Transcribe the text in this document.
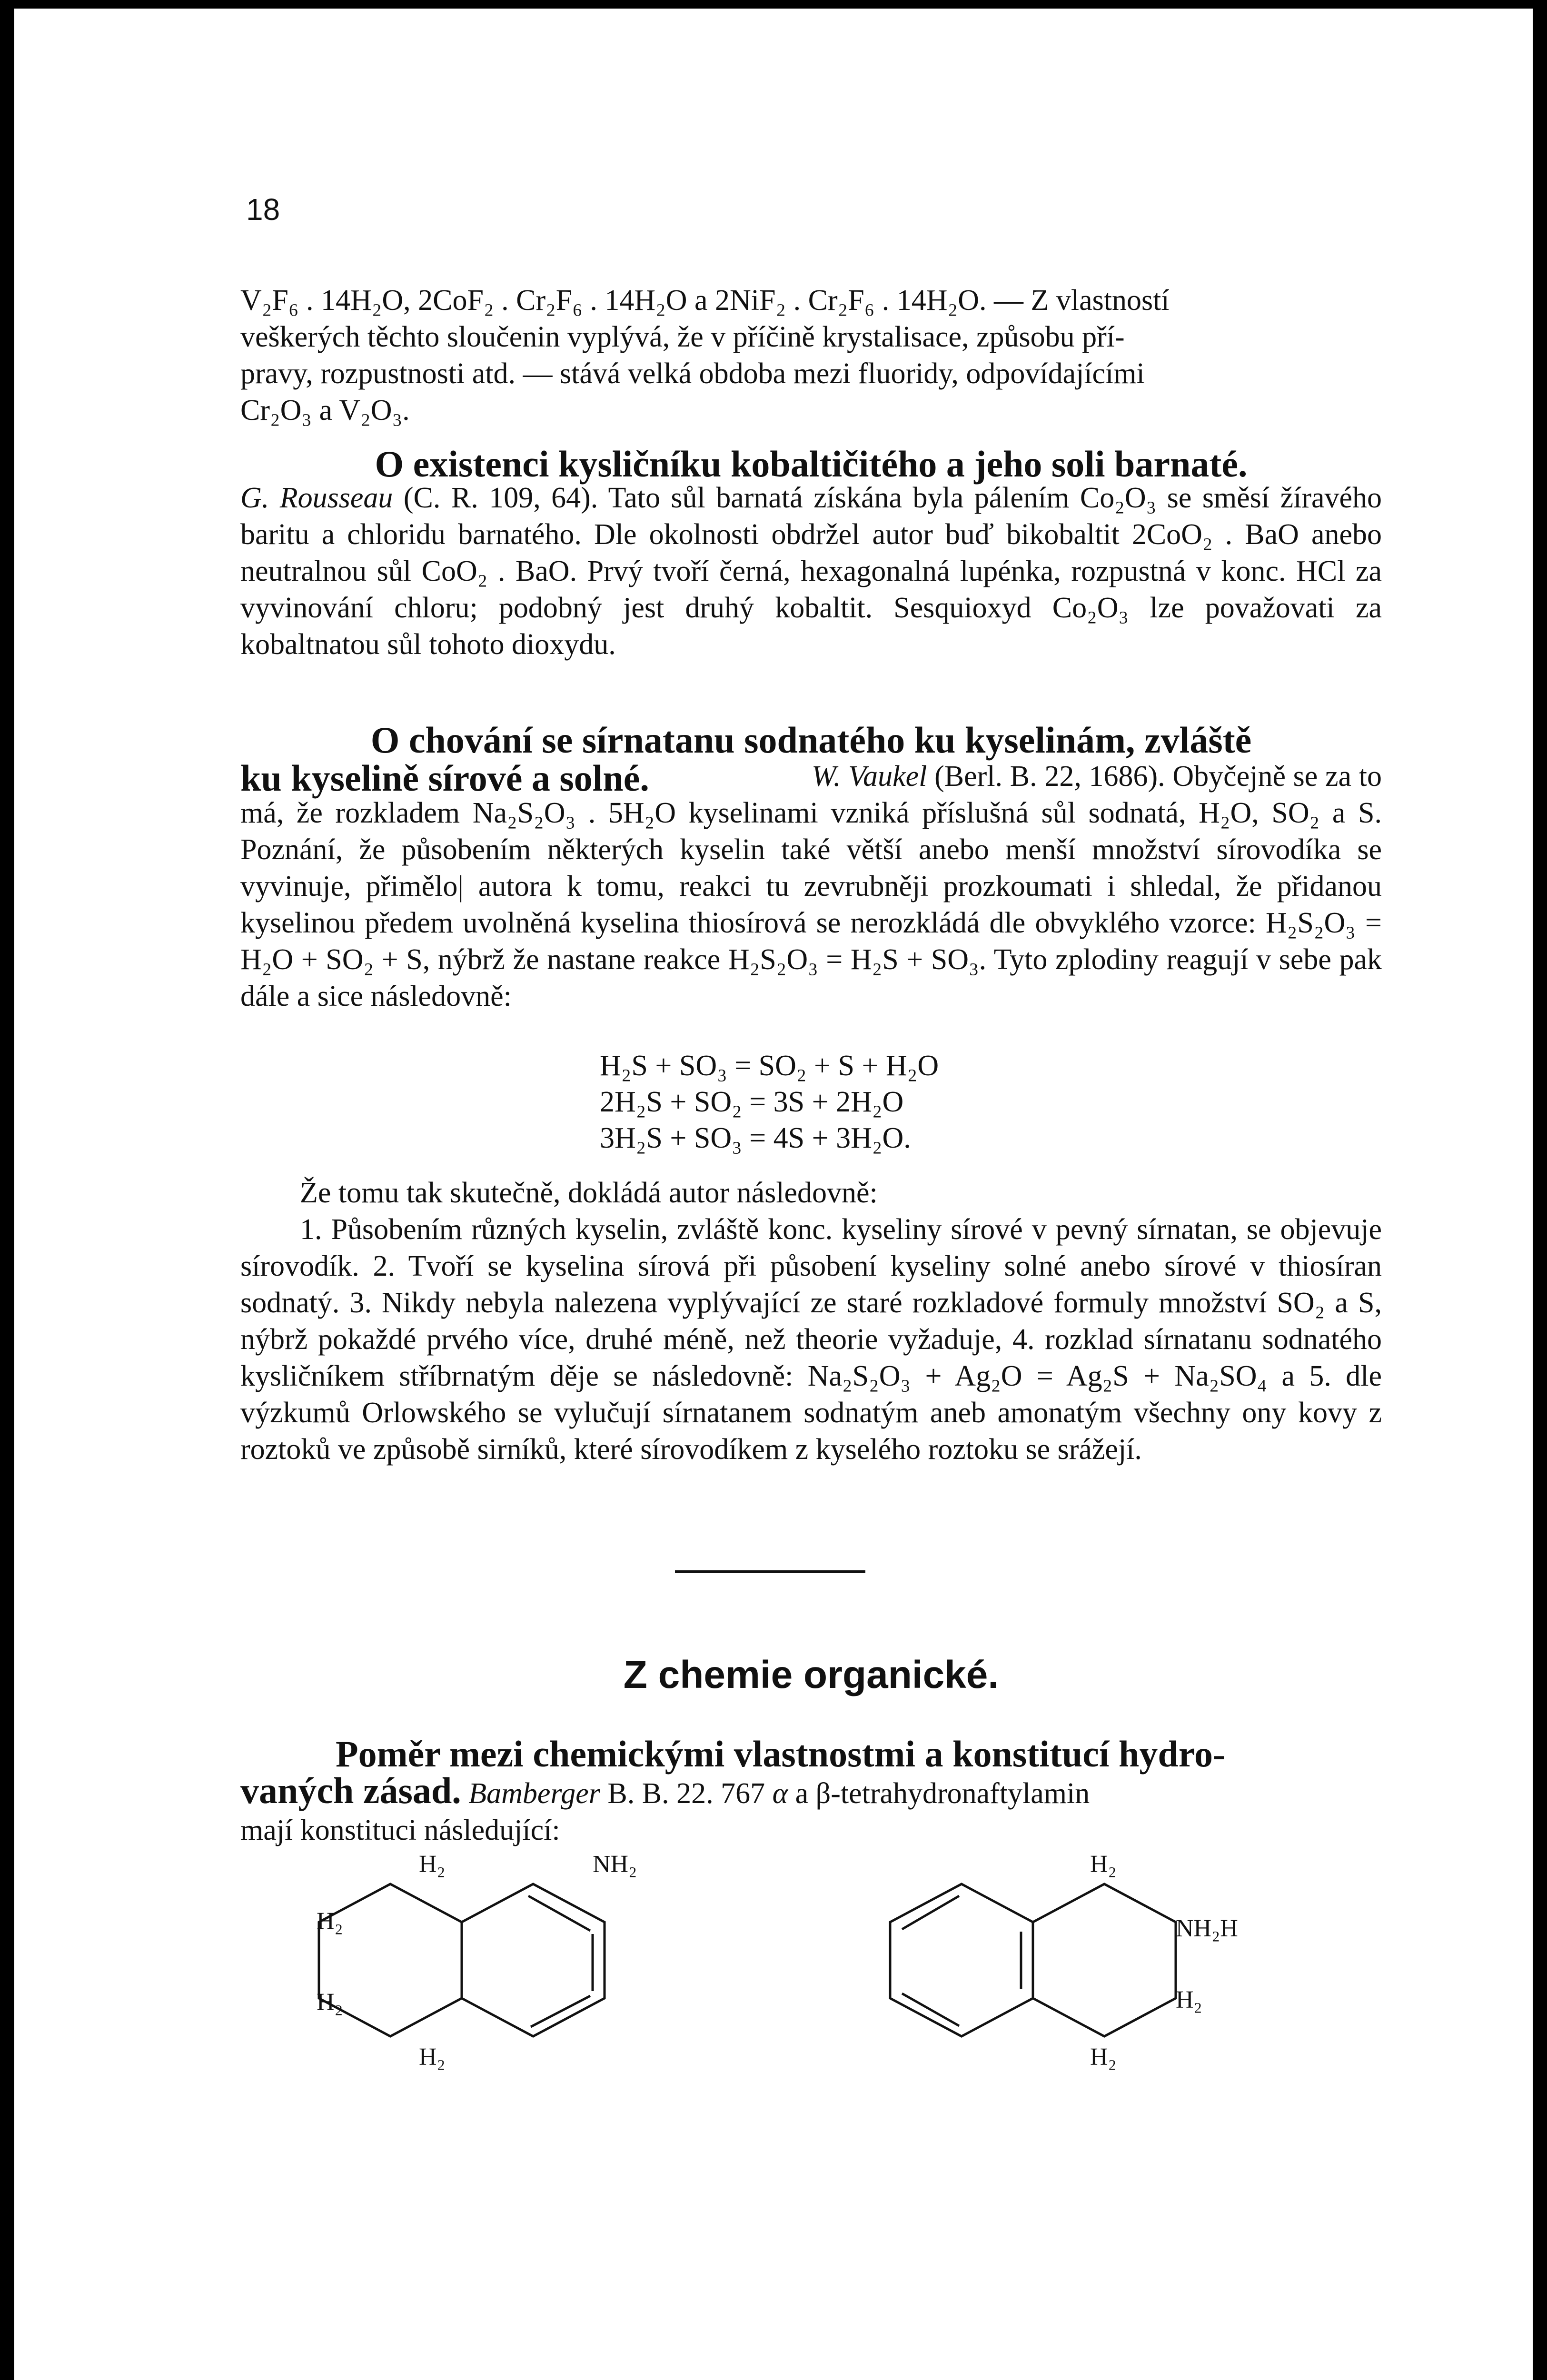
18

V₂F₆ . 14H₂O, 2CoF₂ . Cr₂F₆ . 14H₂O a 2NiF₂ . Cr₂F₆ . 14H₂O. — Z vlastností

veškerých těchto sloučenin vyplývá, že v příčině krystalisace, způsobu pří-

pravy, rozpustnosti atd. — stává velká obdoba mezi fluoridy, odpovídajícími

Cr₂O₃ a V₂O₃.

O existenci kysličníku kobaltičitého a jeho soli barnaté.

G. Rousseau (C. R. 109, 64). Tato sůl barnatá získána byla pálením Co₂O₃ se směsí žíravého baritu a chloridu barnatého. Dle okolnosti obdržel autor buď bikobaltit 2CoO₂ . BaO anebo neutralnou sůl CoO₂ . BaO. Prvý tvoří černá, hexagonalná lupénka, rozpustná v konc. HCl za vyvinování chloru; podobný jest druhý kobaltit. Sesquioxyd Co₂O₃ lze považovati za kobaltnatou sůl tohoto dioxydu.

O chování se sírnatanu sodnatého ku kyselinám, zvláště
ku kyselině sírové a solné.	W. Vaukel (Berl. B. 22, 1686). Obyčejně se za to má, že rozkladem Na₂S₂O₃ . 5H₂O kyselinami vzniká příslušná sůl sodnatá, H₂O, SO₂ a S. Poznání, že působením některých kyselin také větší anebo menší množství sírovodíka se vyvinuje, přimělo| autora k tomu, reakci tu zevrubněji prozkoumati i shledal, že přidanou kyselinou předem uvolněná kyselina thiosírová se nerozkládá dle obvyklého vzorce: H₂S₂O₃ = H₂O + SO₂ + S, nýbrž že nastane reakce H₂S₂O₃ = H₂S + SO₃. Tyto zplodiny reagují v sebe pak dále a sice následovně:

H₂S + SO₃ = SO₂ + S + H₂O
2H₂S + SO₂ = 3S + 2H₂O
3H₂S + SO₃ = 4S + 3H₂O.

Že tomu tak skutečně, dokládá autor následovně:

1. Působením různých kyselin, zvláště konc. kyseliny sírové v pevný sírnatan, se objevuje sírovodík. 2. Tvoří se kyselina sírová při působení kyseliny solné anebo sírové v thiosíran sodnatý. 3. Nikdy nebyla nalezena vyplývající ze staré rozkladové formuly množství SO₂ a S, nýbrž pokaždé prvého více, druhé méně, než theorie vyžaduje, 4. rozklad sírnatanu sodnatého kysličníkem stříbrnatým děje se následovně: Na₂S₂O₃ + Ag₂O = Ag₂S + Na₂SO₄ a 5. dle výzkumů Orlowského se vylučují sírnatanem sodnatým aneb amonatým všechny ony kovy z roztoků ve způsobě sirníků, které sírovodíkem z kyselého roztoku se srážejí.

Z chemie organické.
Poměr mezi chemickými vlastnostmi a konstitucí hydro-

vaných zásad. Bamberger B. B. 22. 767 α a β-tetrahydronaftylamin

mají konstituci následující:

H₂	NH₂
H₂
H₂
H₂
H₂
NH₂H
H₂
H₂
